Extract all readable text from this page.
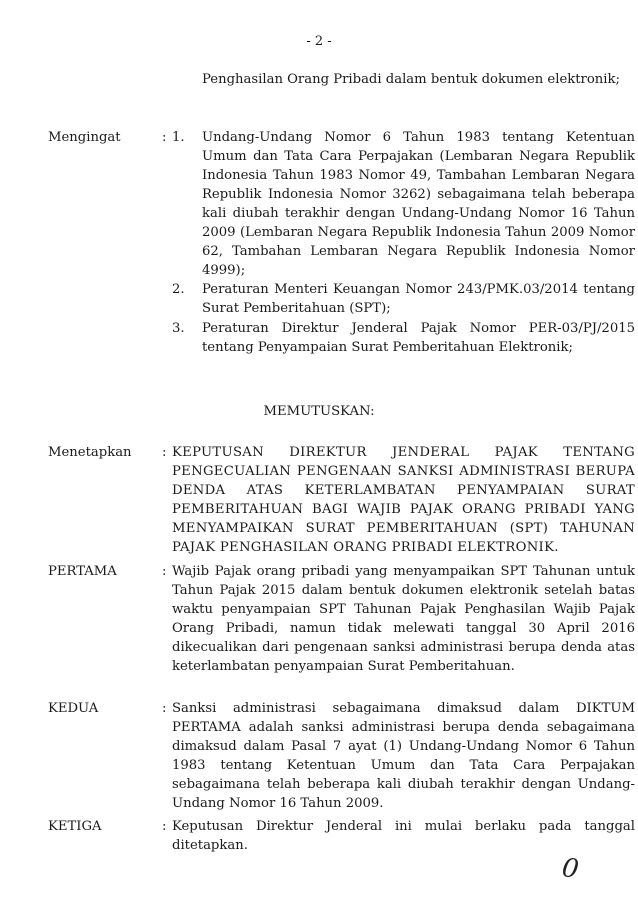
- 2 -
Penghasilan Orang Pribadi dalam bentuk dokumen elektronik;
Mengingat	: 1. Undang-Undang Nomor 6 Tahun 1983 tentang Ketentuan Umum dan Tata Cara Perpajakan (Lembaran Negara Republik Indonesia Tahun 1983 Nomor 49, Tambahan Lembaran Negara Republik Indonesia Nomor 3262) sebagaimana telah beberapa kali diubah terakhir dengan Undang-Undang Nomor 16 Tahun 2009 (Lembaran Negara Republik Indonesia Tahun 2009 Nomor 62, Tambahan Lembaran Negara Republik Indonesia Nomor 4999);

2. Peraturan Menteri Keuangan Nomor 243/PMK.03/2014 tentang Surat Pemberitahuan (SPT);

3. Peraturan Direktur Jenderal Pajak Nomor PER-03/PJ/2015 tentang Penyampaian Surat Pemberitahuan Elektronik;

MEMUTUSKAN:
Menetapkan	: KEPUTUSAN DIREKTUR JENDERAL PAJAK TENTANG PENGECUALIAN PENGENAAN SANKSI ADMINISTRASI BERUPA DENDA ATAS KETERLAMBATAN PENYAMPAIAN SURAT PEMBERITAHUAN BAGI WAJIB PAJAK ORANG PRIBADI YANG MENYAMPAIKAN SURAT PEMBERITAHUAN (SPT) TAHUNAN PAJAK PENGHASILAN ORANG PRIBADI ELEKTRONIK.
PERTAMA	: Wajib Pajak orang pribadi yang menyampaikan SPT Tahunan untuk Tahun Pajak 2015 dalam bentuk dokumen elektronik setelah batas waktu penyampaian SPT Tahunan Pajak Penghasilan Wajib Pajak Orang Pribadi, namun tidak melewati tanggal 30 April 2016 dikecualikan dari pengenaan sanksi administrasi berupa denda atas keterlambatan penyampaian Surat Pemberitahuan.
KEDUA	: Sanksi administrasi sebagaimana dimaksud dalam DIKTUM PERTAMA adalah sanksi administrasi berupa denda sebagaimana dimaksud dalam Pasal 7 ayat (1) Undang-Undang Nomor 6 Tahun 1983 tentang Ketentuan Umum dan Tata Cara Perpajakan sebagaimana telah beberapa kali diubah terakhir dengan Undang-Undang Nomor 16 Tahun 2009.
KETIGA	: Keputusan Direktur Jenderal ini mulai berlaku pada tanggal ditetapkan.
0
